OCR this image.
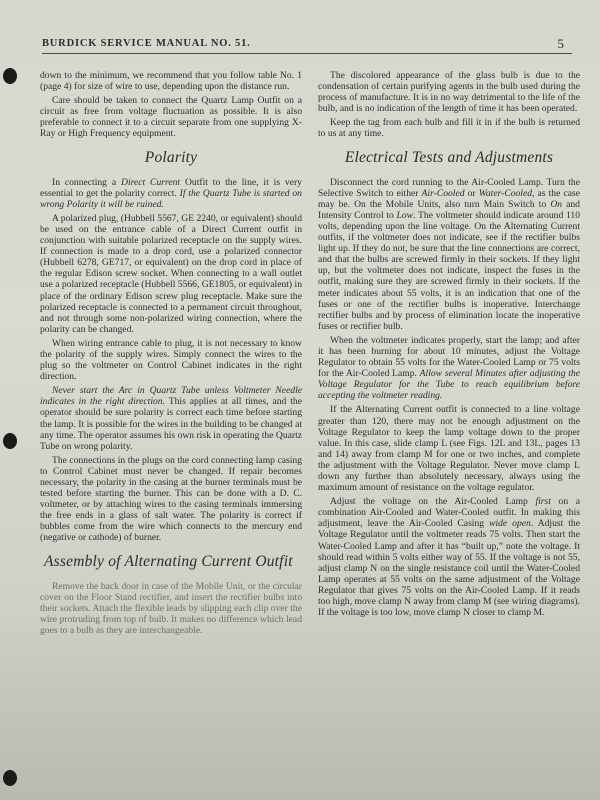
BURDICK SERVICE MANUAL NO. 51.	5

down to the minimum, we recommend that you follow table No. 1 (page 4) for size of wire to use, depending upon the distance run.

Care should be taken to connect the Quartz Lamp Outfit on a circuit as free from voltage fluctuation as possible. It is also preferable to connect it to a circuit separate from one supplying X-Ray or High Frequency equipment.

Polarity

In connecting a Direct Current Outfit to the line, it is very essential to get the polarity correct. If the Quartz Tube is started on wrong Polarity it will be ruined.

A polarized plug, (Hubbell 5567, GE 2240, or equivalent) should be used on the entrance cable of a Direct Current outfit in conjunction with suitable polarized receptacle on the supply wires. If connection is made to a drop cord, use a polarized connector (Hubbell 6278, GE717, or equivalent) on the drop cord in place of the regular Edison screw socket. When connecting to a wall outlet use a polarized receptacle (Hubbell 5566, GE1805, or equivalent) in place of the ordinary Edison screw plug receptacle. Make sure the polarized receptacle is connected to a permanent circuit throughout, and not through some non-polarized wiring connection, where the polarity can be changed.

When wiring entrance cable to plug, it is not necessary to know the polarity of the supply wires. Simply connect the wires to the plug so the voltmeter on Control Cabinet indicates in the right direction.

Never start the Arc in Quartz Tube unless Voltmeter Needle indicates in the right direction. This applies at all times, and the operator should be sure polarity is correct each time before starting the lamp. It is possible for the wires in the building to be changed at any time. The operator assumes his own risk in operating the Quartz Tube on wrong polarity.

The connections in the plugs on the cord connecting lamp casing to Control Cabinet must never be changed. If repair becomes necessary, the polarity in the casing at the burner terminals must be tested before starting the burner. This can be done with a D. C. voltmeter, or by attaching wires to the casing terminals immersing the free ends in a glass of salt water. The polarity is correct if bubbles come from the wire which connects to the mercury end (negative or cathode) of burner.

Assembly of Alternating Current Outfit

Remove the back door in case of the Mobile Unit, or the circular cover on the Floor Stand rectifier, and insert the rectifier bulbs into their sockets. Attach the flexible leads by slipping each clip over the wire protruding from top of bulb. It makes no difference which lead goes to a bulb as they are interchangeable.

The discolored appearance of the glass bulb is due to the condensation of certain purifying agents in the bulb used during the process of manufacture. It is in no way detrimental to the life of the bulb, and is no indication of the length of time it has been operated.

Keep the tag from each bulb and fill it in if the bulb is returned to us at any time.

Electrical Tests and Adjustments

Disconnect the cord running to the Air-Cooled Lamp. Turn the Selective Switch to either Air-Cooled or Water-Cooled, as the case may be. On the Mobile Units, also turn Main Switch to On and Intensity Control to Low. The voltmeter should indicate around 110 volts, depending upon the line voltage. On the Alternating Current outfits, if the voltmeter does not indicate, see if the rectifier bulbs light up. If they do not, be sure that the line connections are correct, and that the bulbs are screwed firmly in their sockets. If they light up, but the voltmeter does not indicate, inspect the fuses in the outfit, making sure they are screwed firmly in their sockets. If the meter indicates about 55 volts, it is an indication that one of the fuses or one of the rectifier bulbs is inoperative. Interchange rectifier bulbs and by process of elimination locate the inoperative fuses or rectifier bulb.

When the voltmeter indicates properly, start the lamp; and after it has been burning for about 10 minutes, adjust the Voltage Regulator to obtain 55 volts for the Water-Cooled Lamp or 75 volts for the Air-Cooled Lamp. Allow several Minutes after adjusting the Voltage Regulator for the Tube to reach equilibrium before accepting the voltmeter reading.

If the Alternating Current outfit is connected to a line voltage greater than 120, there may not be enough adjustment on the Voltage Regulator to keep the lamp voltage down to the proper value. In this case, slide clamp L (see Figs. 12L and 13L, pages 13 and 14) away from clamp M for one or two inches, and complete the adjustment with the Voltage Regulator. Never move clamp L down any further than absolutely necessary, always using the maximum amount of resistance on the voltage regulator.

Adjust the voltage on the Air-Cooled Lamp first on a combination Air-Cooled and Water-Cooled outfit. In making this adjustment, leave the Air-Cooled Casing wide open. Adjust the Voltage Regulator until the voltmeter reads 75 volts. Then start the Water-Cooled Lamp and after it has “built up,” note the voltage. It should read within 5 volts either way of 55. If the voltage is not 55, adjust clamp N on the single resistance coil until the Water-Cooled Lamp operates at 55 volts on the same adjustment of the Voltage Regulator that gives 75 volts on the Air-Cooled Lamp. If it reads too high, move clamp N away from clamp M (see wiring diagrams). If the voltage is too low, move clamp N closer to clamp M.
